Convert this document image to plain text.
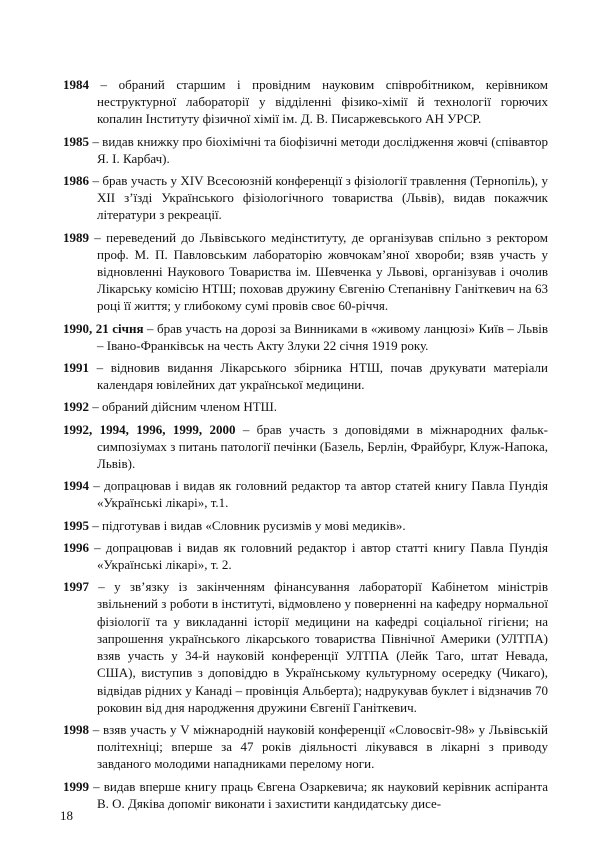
1984 – обраний старшим і провідним науковим співробітником, керівником неструктурної лабораторії у відділенні фізико-хімії й технології горючих копалин Інституту фізичної хімії ім. Д. В. Писаржевського АН УРСР.

1985 – видав книжку про біохімічні та біофізичні методи дослідження жовчі (співавтор Я. І. Карбач).

1986 – брав участь у XIV Всесоюзній конференції з фізіології травлення (Тернопіль), у XII з’їзді Українського фізіологічного товариства (Львів), видав покажчик літератури з рекреації.

1989 – переведений до Львівського медінституту, де організував спільно з ректором проф. М. П. Павловським лабораторію жовчокам’яної хвороби; взяв участь у відновленні Наукового Товариства ім. Шевченка у Львові, організував і очолив Лікарську комісію НТШ; поховав дружину Євгенію Степанівну Ганіткевич на 63 році її життя; у глибокому сумі провів своє 60-річчя.

1990, 21 січня – брав участь на дорозі за Винниками в «живому ланцюзі» Київ – Львів – Івано-Франківськ на честь Акту Злуки 22 січня 1919 року.

1991 – відновив видання Лікарського збірника НТШ, почав друкувати матеріали календаря ювілейних дат української медицини.

1992 – обраний дійсним членом НТШ.

1992, 1994, 1996, 1999, 2000 – брав участь з доповідями в міжнародних фальк-симпозіумах з питань патології печінки (Базель, Берлін, Фрайбург, Клуж-Напока, Львів).

1994 – допрацював і видав як головний редактор та автор статей книгу Павла Пундія «Українські лікарі», т.1.

1995 – підготував і видав «Словник русизмів у мові медиків».

1996 – допрацював і видав як головний редактор і автор статті книгу Павла Пундія «Українські лікарі», т. 2.

1997 – у зв’язку із закінченням фінансування лабораторії Кабінетом міністрів звільнений з роботи в інституті, відмовлено у поверненні на кафедру нормальної фізіології та у викладанні історії медицини на кафедрі соціальної гігієни; на запрошення українського лікарського товариства Північної Америки (УЛТПА) взяв участь у 34-й науковій конференції УЛТПА (Лейк Таго, штат Невада, США), виступив з доповіддю в Українському культурному осередку (Чикаго), відвідав рідних у Канаді – провінція Альберта); надрукував буклет і відзначив 70 роковин від дня народження дружини Євгенії Ганіткевич.

1998 – взяв участь у V міжнародній науковій конференції «Словосвіт-98» у Львівській політехніці; вперше за 47 років діяльності лікувався в лікарні з приводу завданого молодими нападниками перелому ноги.

1999 – видав вперше книгу праць Євгена Озаркевича; як науковий керівник аспіранта В. О. Дяківа допоміг виконати і захистити кандидатську дисе-

18
